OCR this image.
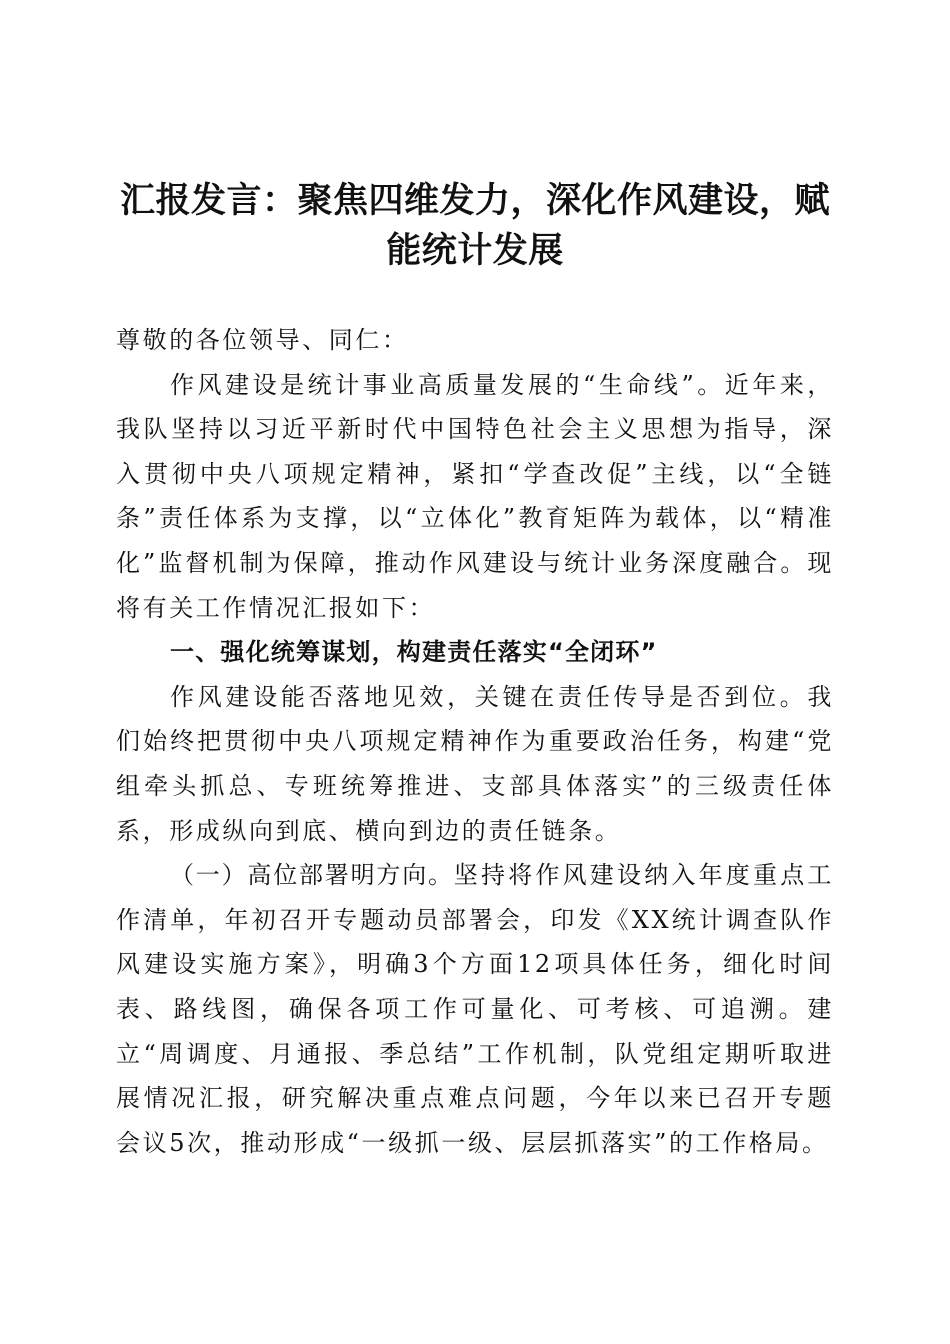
汇报发言：聚焦四维发力，深化作风建设，赋能统计发展

尊敬的各位领导、同仁：

作风建设是统计事业高质量发展的“生命线”。近年来，我队坚持以习近平新时代中国特色社会主义思想为指导，深入贯彻中央八项规定精神，紧扣“学查改促”主线，以“全链条”责任体系为支撑，以“立体化”教育矩阵为载体，以“精准化”监督机制为保障，推动作风建设与统计业务深度融合。现将有关工作情况汇报如下：

一、强化统筹谋划，构建责任落实“全闭环”

作风建设能否落地见效，关键在责任传导是否到位。我们始终把贯彻中央八项规定精神作为重要政治任务，构建“党组牵头抓总、专班统筹推进、支部具体落实”的三级责任体系，形成纵向到底、横向到边的责任链条。

（一）高位部署明方向。坚持将作风建设纳入年度重点工作清单，年初召开专题动员部署会，印发《XX统计调查队作风建设实施方案》，明确3个方面12项具体任务，细化时间表、路线图，确保各项工作可量化、可考核、可追溯。建立“周调度、月通报、季总结”工作机制，队党组定期听取进展情况汇报，研究解决重点难点问题，今年以来已召开专题会议5次，推动形成“一级抓一级、层层抓落实”的工作格局。
